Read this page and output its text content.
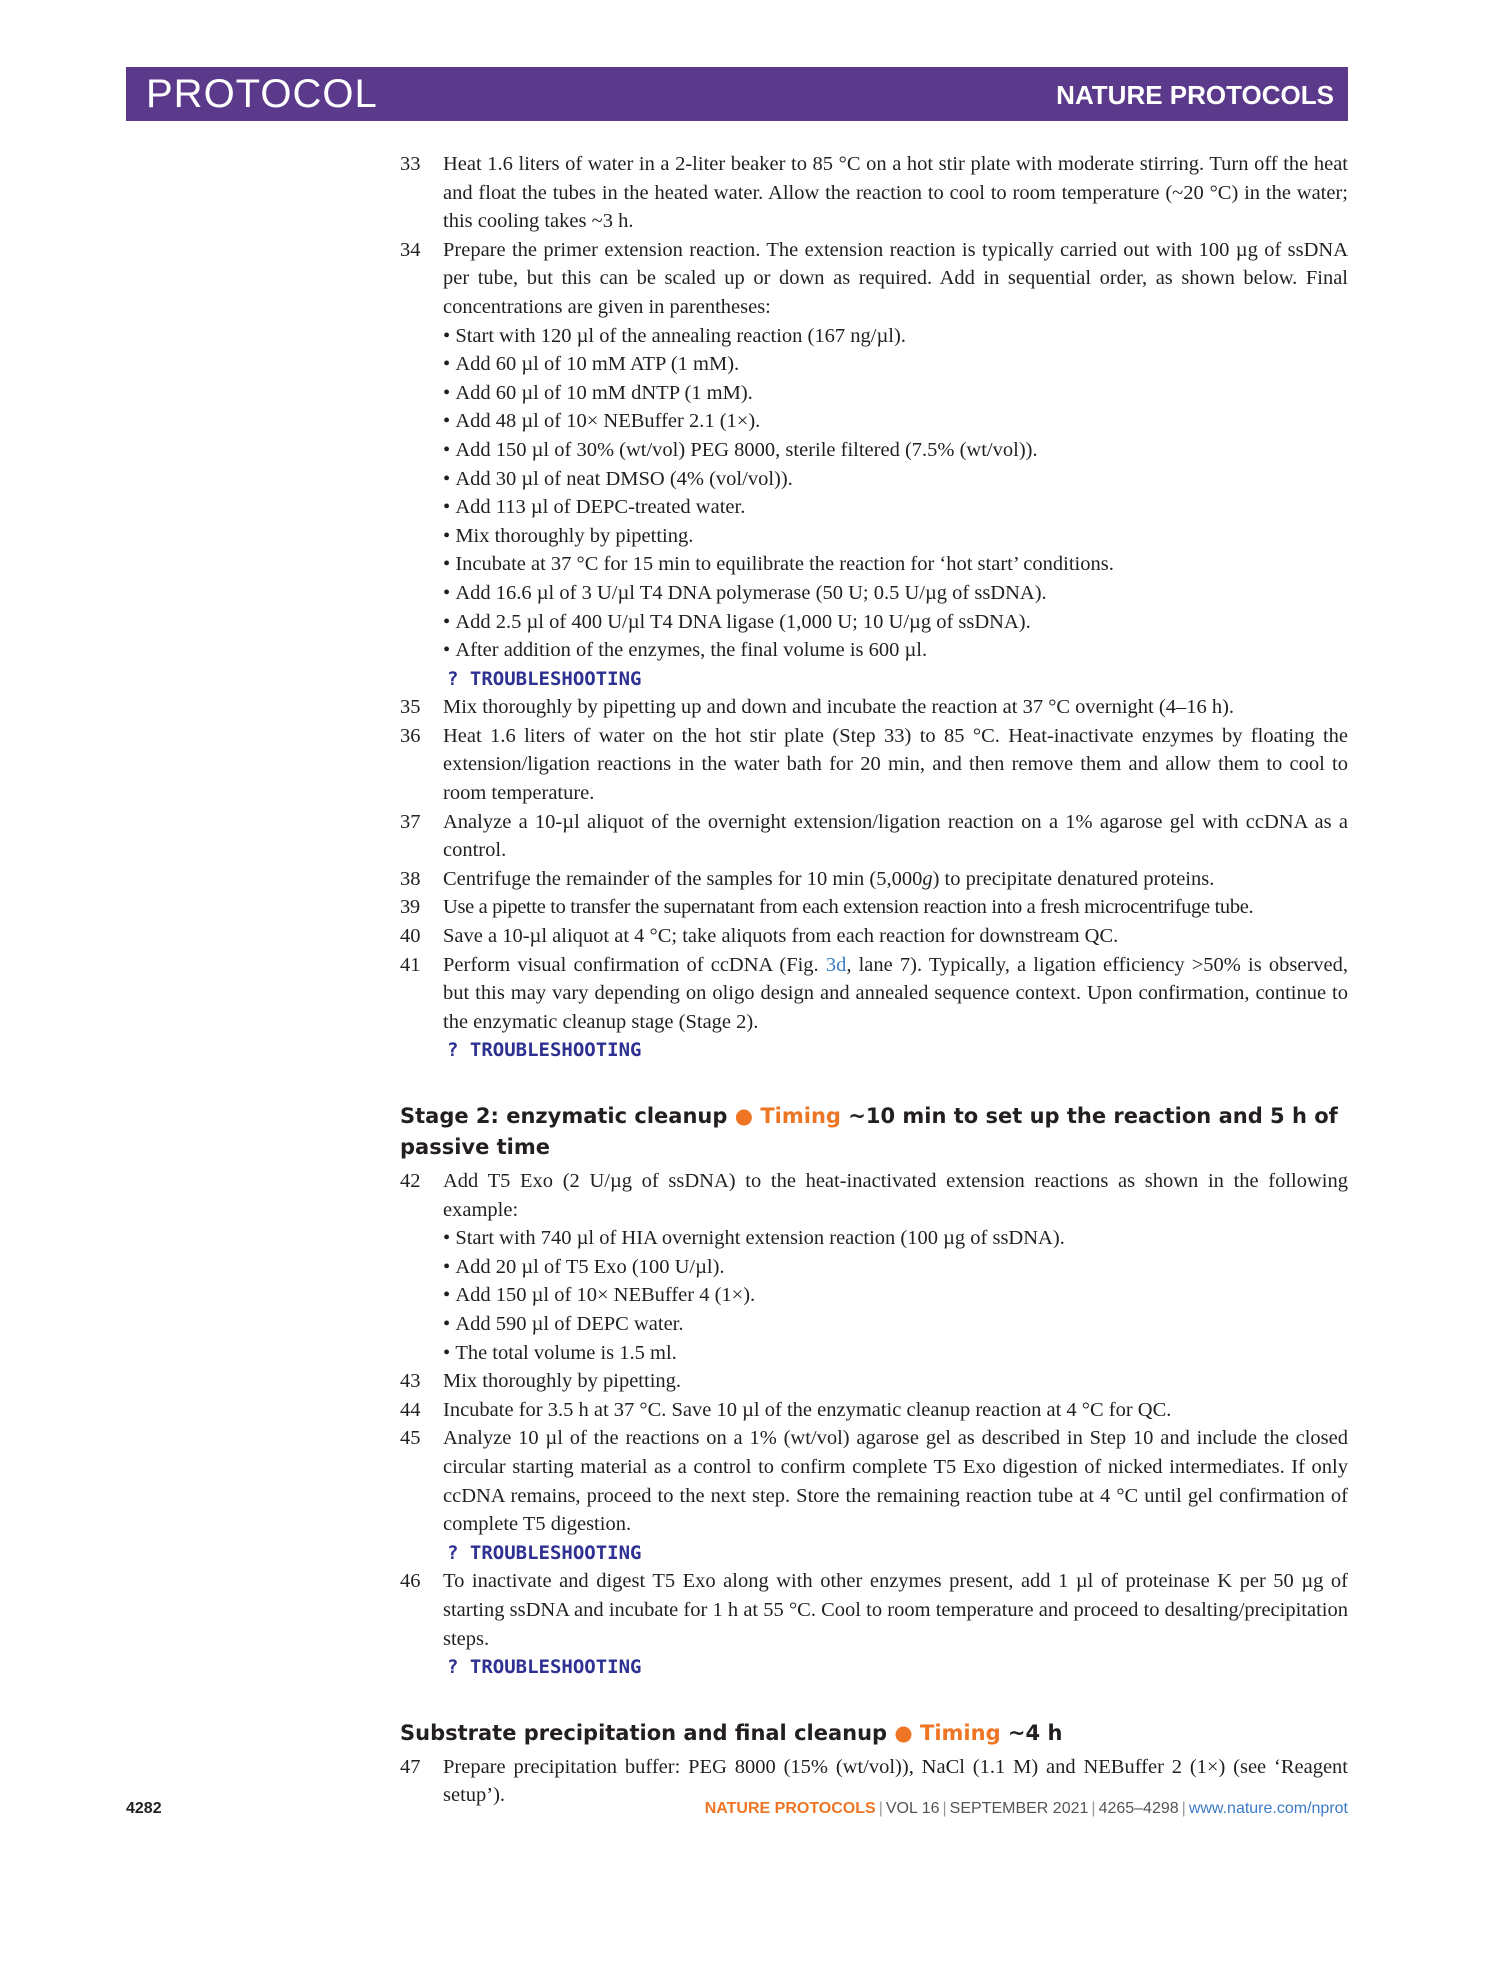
PROTOCOL	NATURE PROTOCOLS
33 Heat 1.6 liters of water in a 2-liter beaker to 85 °C on a hot stir plate with moderate stirring. Turn off the heat and float the tubes in the heated water. Allow the reaction to cool to room temperature (~20 °C) in the water; this cooling takes ~3 h.
34 Prepare the primer extension reaction. The extension reaction is typically carried out with 100 µg of ssDNA per tube, but this can be scaled up or down as required. Add in sequential order, as shown below. Final concentrations are given in parentheses:
• Start with 120 µl of the annealing reaction (167 ng/µl).
• Add 60 µl of 10 mM ATP (1 mM).
• Add 60 µl of 10 mM dNTP (1 mM).
• Add 48 µl of 10× NEBuffer 2.1 (1×).
• Add 150 µl of 30% (wt/vol) PEG 8000, sterile filtered (7.5% (wt/vol)).
• Add 30 µl of neat DMSO (4% (vol/vol)).
• Add 113 µl of DEPC-treated water.
• Mix thoroughly by pipetting.
• Incubate at 37 °C for 15 min to equilibrate the reaction for ‘hot start’ conditions.
• Add 16.6 µl of 3 U/µl T4 DNA polymerase (50 U; 0.5 U/µg of ssDNA).
• Add 2.5 µl of 400 U/µl T4 DNA ligase (1,000 U; 10 U/µg of ssDNA).
• After addition of the enzymes, the final volume is 600 µl.
? TROUBLESHOOTING
35 Mix thoroughly by pipetting up and down and incubate the reaction at 37 °C overnight (4–16 h).
36 Heat 1.6 liters of water on the hot stir plate (Step 33) to 85 °C. Heat-inactivate enzymes by floating the extension/ligation reactions in the water bath for 20 min, and then remove them and allow them to cool to room temperature.
37 Analyze a 10-µl aliquot of the overnight extension/ligation reaction on a 1% agarose gel with ccDNA as a control.
38 Centrifuge the remainder of the samples for 10 min (5,000g) to precipitate denatured proteins.
39 Use a pipette to transfer the supernatant from each extension reaction into a fresh microcentrifuge tube.
40 Save a 10-µl aliquot at 4 °C; take aliquots from each reaction for downstream QC.
41 Perform visual confirmation of ccDNA (Fig. 3d, lane 7). Typically, a ligation efficiency >50% is observed, but this may vary depending on oligo design and annealed sequence context. Upon confirmation, continue to the enzymatic cleanup stage (Stage 2).
? TROUBLESHOOTING
Stage 2: enzymatic cleanup ● Timing ~10 min to set up the reaction and 5 h of passive time
42 Add T5 Exo (2 U/µg of ssDNA) to the heat-inactivated extension reactions as shown in the following example:
• Start with 740 µl of HIA overnight extension reaction (100 µg of ssDNA).
• Add 20 µl of T5 Exo (100 U/µl).
• Add 150 µl of 10× NEBuffer 4 (1×).
• Add 590 µl of DEPC water.
• The total volume is 1.5 ml.
43 Mix thoroughly by pipetting.
44 Incubate for 3.5 h at 37 °C. Save 10 µl of the enzymatic cleanup reaction at 4 °C for QC.
45 Analyze 10 µl of the reactions on a 1% (wt/vol) agarose gel as described in Step 10 and include the closed circular starting material as a control to confirm complete T5 Exo digestion of nicked intermediates. If only ccDNA remains, proceed to the next step. Store the remaining reaction tube at 4 °C until gel confirmation of complete T5 digestion.
? TROUBLESHOOTING
46 To inactivate and digest T5 Exo along with other enzymes present, add 1 µl of proteinase K per 50 µg of starting ssDNA and incubate for 1 h at 55 °C. Cool to room temperature and proceed to desalting/precipitation steps.
? TROUBLESHOOTING
Substrate precipitation and final cleanup ● Timing ~4 h
47 Prepare precipitation buffer: PEG 8000 (15% (wt/vol)), NaCl (1.1 M) and NEBuffer 2 (1×) (see ‘Reagent setup’).
4282	NATURE PROTOCOLS | VOL 16 | SEPTEMBER 2021 | 4265–4298 | www.nature.com/nprot
